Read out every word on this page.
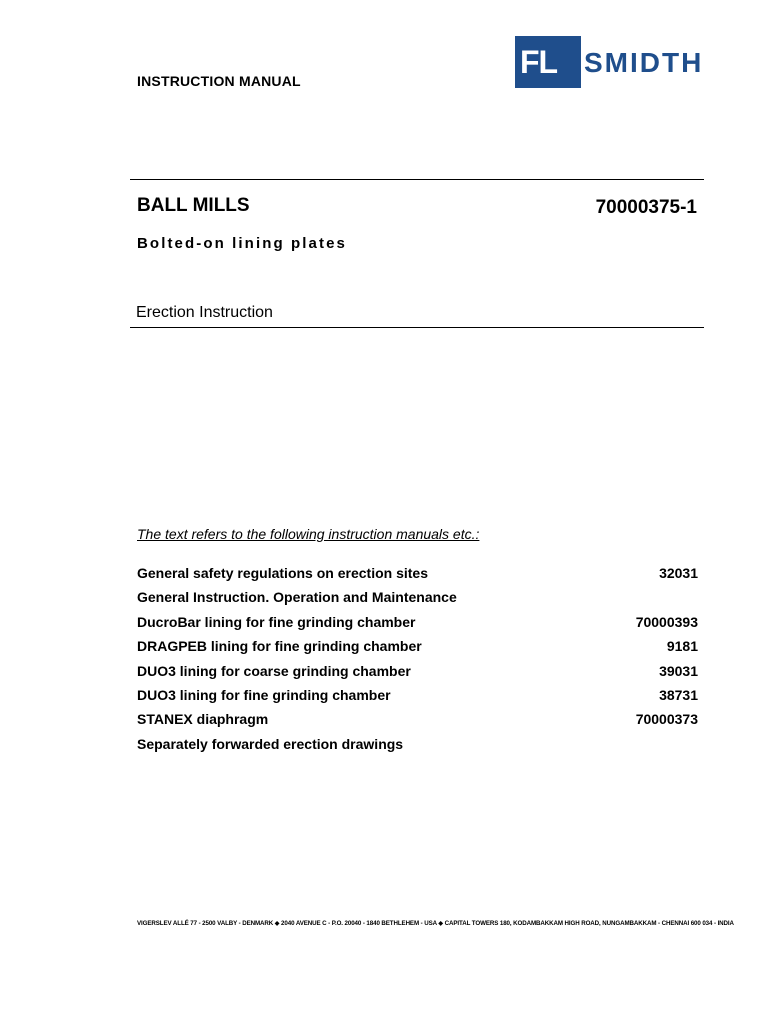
INSTRUCTION MANUAL
FL SMIDTH
BALL MILLS	70000375-1
Bolted-on lining plates
Erection Instruction
The text refers to the following instruction manuals etc.:
General safety regulations on erection sites	32031
General Instruction. Operation and Maintenance
DucroBar lining for fine grinding chamber	70000393
DRAGPEB lining for fine grinding chamber	9181
DUO3 lining for coarse grinding chamber	39031
DUO3 lining for fine grinding chamber	38731
STANEX diaphragm	70000373
Separately forwarded erection drawings
VIGERSLEV ALLÉ 77 - 2500 VALBY - DENMARK ◆ 2040 AVENUE C - P.O. 20040 - 1840 BETHLEHEM - USA ◆ CAPITAL TOWERS 180, KODAMBAKKAM HIGH ROAD, NUNGAMBAKKAM - CHENNAI 600 034 - INDIA
